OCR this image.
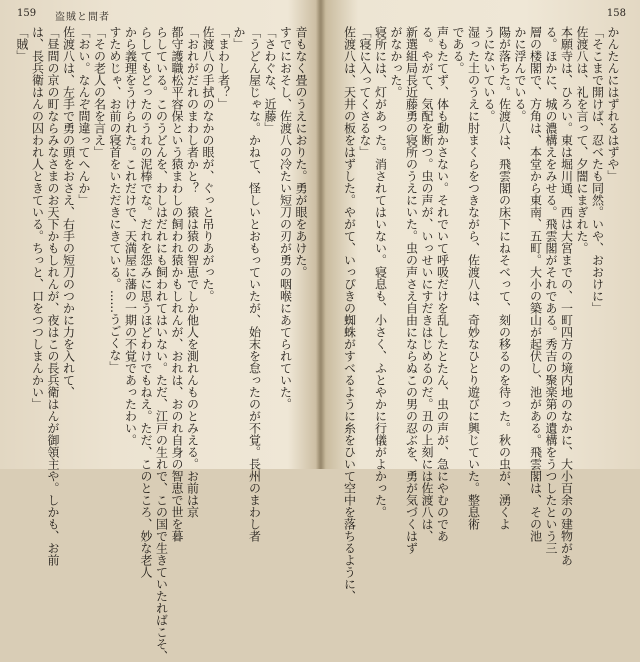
159 盗賊と間者
音もなく畳のうえにおりた。勇が眼をあけた。
すでにおそし、佐渡八の冷たい短刀の刃が勇の咽喉にあてられていた。
「さわぐな、近藤」
「うどん屋じゃな。かねて、怪しいとおもっていたが、始末を怠ったのが不覚。長州のまわし者
か」
「まわし者？」
佐渡八の手拭のなかの眼が、ぐっと吊りあがった。
「おれがだれのまわし者かと？　猿は猿の智恵でしか他人を測れんものとみえる。お前は京
都守護職松平容保という猿まわしの飼われ猿かもしれんが、おれは、おのれ自身の智恵で世を暮
らしている。このうどんを、わしはだれにも飼われてはいない。ただ、江戸の生れで、この国で生きていたればこそ、
らしてもどったのうれの泥棒でな。だれを怨みに思うほどわけでもねえ。ただ、このところ、妙な老人
から義理をうけられた。これだけで、天満屋に藩の一期の不覚であったわい。
すためじゃ、お前の寝首をいただきにきている。......うごくな」
「その老人の名を言え」
「おい。なんぞ間違ってへんか」
佐渡八は、左手で勇の頭をおさえ、右手の短刀のつかに力を入れて、
「昼間の京の町ならみなさまのお天下かもしれんが、夜はこの長兵衛はんが御領主や。しかも、お前
は、長兵衛はんの囚われ人ときている。ちっと、口をつつしまんかい」
「賊」
158
かんたんにはずれるはずや」
「そこまで開けば、忍べたも同然。いや、おおけに」
佐渡八は、礼を言って、夕闇にまぎれた。
本願寺は、ひろい。東は堀川通、西は大宮までの、一町四方の境内地のなかに、大小百余の建物があ
る。ほかに、城の濃構えをみせる。飛雲閣がそれである。秀吉の聚楽第の遺構をうつしたという三
層の楼閣で、方角は、本堂から東南、五町。大小の築山が起伏し、池がある。飛雲閣は、その池
かに浮んでいる。
陽が落ちた。佐渡八は、飛雲閣の床下にねそべって、刻の移るのを待った。秋の虫が、湧くよ
うにないている。
湿った土のうえに肘まくらをつきながら、佐渡八は、奇妙なひとり遊びに興じていた。整息術
である。
声もたてず、体も動かさない。それでいて呼吸だけを乱したとたん、虫の声が、急にやむのであ
る。やがて、気配を断つ。虫の声が、いっせいにすだきはじめるのだ。丑の上刻には佐渡八は、
新選組局長近藤勇の寝所のうえにいた。虫の声さえ自由にならぬこの男の忍ぶを、勇が気づくはず
がなかった。
寝所には、灯があった。消されてはいない。寝息も、小さく、ふとやかに行儀がよかった。
「寝に入ってくさるな」
佐渡八は、天井の板をはずした。やがて、いっぴきの蜘蛛がすべるように糸をひいて空中を落ちるように、
